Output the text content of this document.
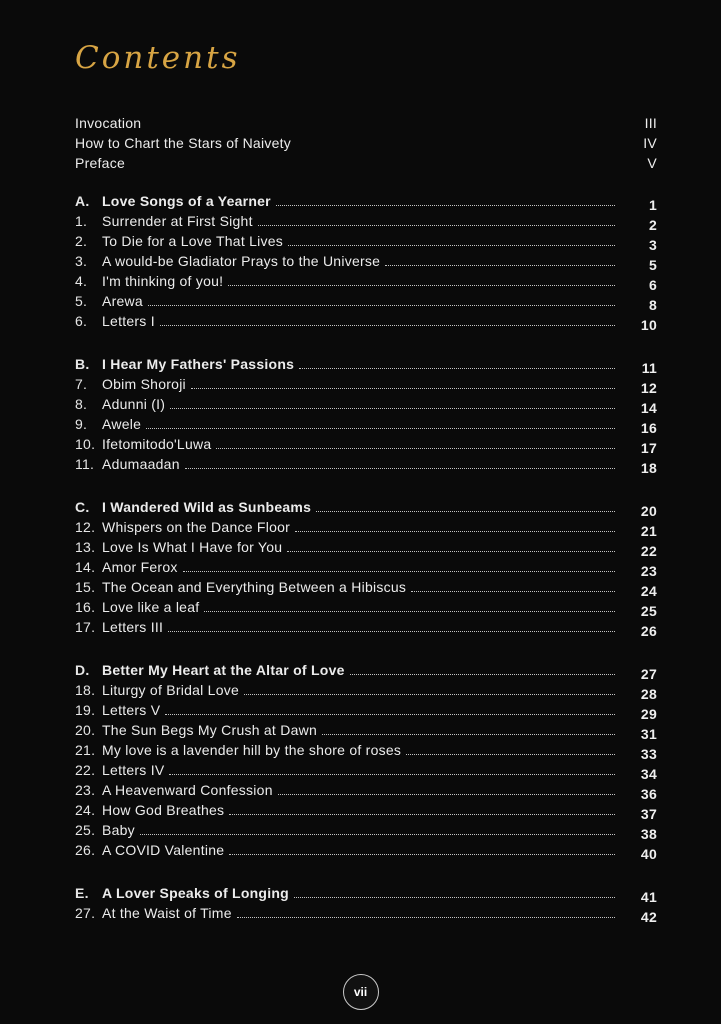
Contents
Invocation	III
How to Chart the Stars of Naivety	IV
Preface	V
A. Love Songs of a Yearner	1
1.	Surrender at First Sight	2
2.	To Die for a Love That Lives	3
3.	A would-be Gladiator Prays to the Universe	5
4.	I'm thinking of you!	6
5.	Arewa	8
6.	Letters I	10
B. I Hear My Fathers' Passions	11
7.	Obim Shoroji	12
8.	Adunni (I)	14
9.	Awele	16
10. Ifetomitodo'Luwa	17
11. Adumaadan	18
C. I Wandered Wild as Sunbeams	20
12. Whispers on the Dance Floor	21
13. Love Is What I Have for You	22
14. Amor Ferox	23
15. The Ocean and Everything Between a Hibiscus	24
16. Love like a leaf	25
17. Letters III	26
D. Better My Heart at the Altar of Love	27
18. Liturgy of Bridal Love	28
19. Letters V	29
20. The Sun Begs My Crush at Dawn	31
21. My love is a lavender hill by the shore of roses	33
22. Letters IV	34
23. A Heavenward Confession	36
24. How God Breathes	37
25. Baby	38
26. A COVID Valentine	40
E. A Lover Speaks of Longing	41
27. At the Waist of Time	42
vii
